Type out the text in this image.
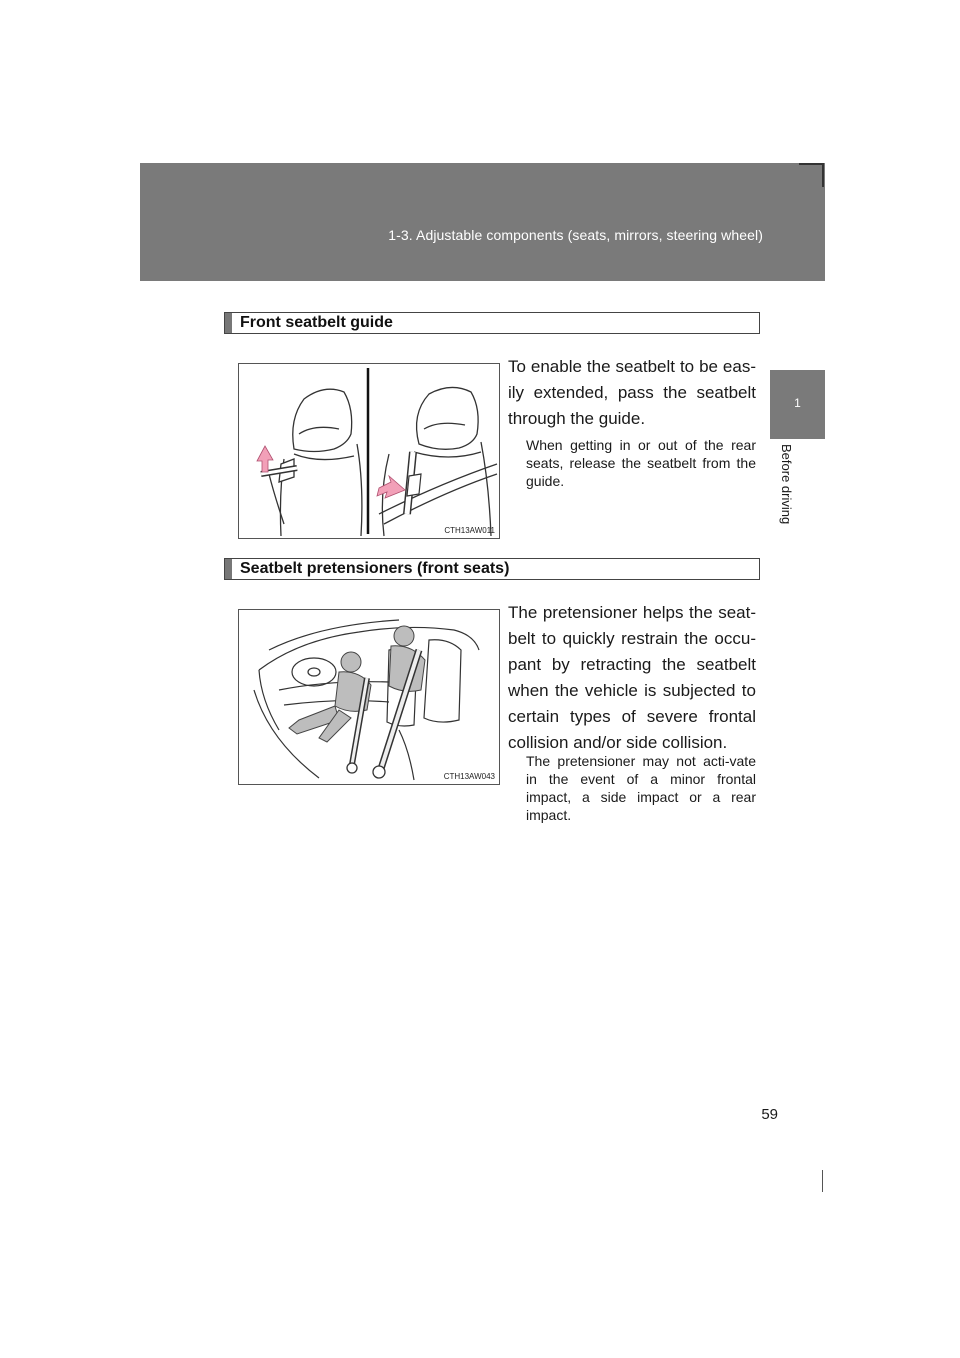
1-3. Adjustable components (seats, mirrors, steering wheel)
1
Before driving
Front seatbelt guide
CTH13AW011
To enable the seatbelt to be eas-ily extended, pass the seatbelt through the guide.
When getting in or out of the rear seats, release the seatbelt from the guide.
Seatbelt pretensioners (front seats)
CTH13AW043
The pretensioner helps the seat-belt to quickly restrain the occu-pant by retracting the seatbelt when the vehicle is subjected to certain types of severe frontal collision and/or side collision.
The pretensioner may not acti-vate in the event of a minor frontal impact, a side impact or a rear impact.
59
